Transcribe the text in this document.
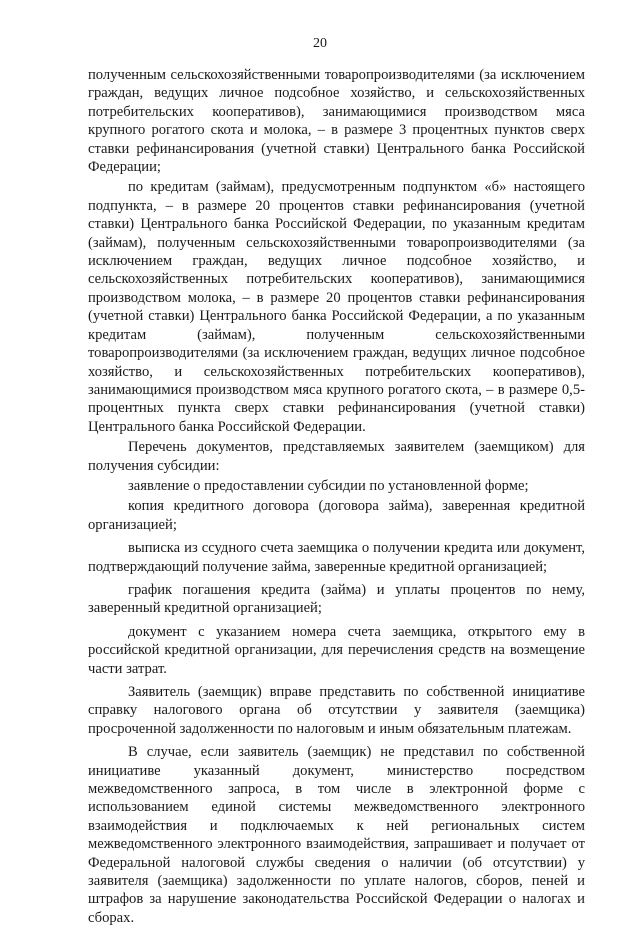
20

полученным сельскохозяйственными товаропроизводителями (за исключением граждан, ведущих личное подсобное хозяйство, и сельскохозяйственных потребительских кооперативов), занимающимися производством мяса крупного рогатого скота и молока, – в размере 3 процентных пунктов сверх ставки рефинансирования (учетной ставки) Центрального банка Российской Федерации;

по кредитам (займам), предусмотренным подпунктом «б» настоящего подпункта, – в размере 20 процентов ставки рефинансирования (учетной ставки) Центрального банка Российской Федерации, по указанным кредитам (займам), полученным сельскохозяйственными товаропроизводителями (за исключением граждан, ведущих личное подсобное хозяйство, и сельскохозяйственных потребительских кооперативов), занимающимися производством молока, – в размере 20 процентов ставки рефинансирования (учетной ставки) Центрального банка Российской Федерации, а по указанным кредитам (займам), полученным сельскохозяйственными товаропроизводителями (за исключением граждан, ведущих личное подсобное хозяйство, и сельскохозяйственных потребительских кооперативов), занимающимися производством мяса крупного рогатого скота, – в размере 0,5-процентных пункта сверх ставки рефинансирования (учетной ставки) Центрального банка Российской Федерации.

Перечень документов, представляемых заявителем (заемщиком) для получения субсидии:

заявление о предоставлении субсидии по установленной форме;

копия кредитного договора (договора займа), заверенная кредитной организацией;

выписка из ссудного счета заемщика о получении кредита или документ, подтверждающий получение займа, заверенные кредитной организацией;

график погашения кредита (займа) и уплаты процентов по нему, заверенный кредитной организацией;

документ с указанием номера счета заемщика, открытого ему в российской кредитной организации, для перечисления средств на возмещение части затрат.

Заявитель (заемщик) вправе представить по собственной инициативе справку налогового органа об отсутствии у заявителя (заемщика) просроченной задолженности по налоговым и иным обязательным платежам.

В случае, если заявитель (заемщик) не представил по собственной инициативе указанный документ, министерство посредством межведомственного запроса, в том числе в электронной форме с использованием единой системы межведомственного электронного взаимодействия и подключаемых к ней региональных систем межведомственного электронного взаимодействия, запрашивает и получает от Федеральной налоговой службы сведения о наличии (об отсутствии) у заявителя (заемщика) задолженности по уплате налогов, сборов, пеней и штрафов за нарушение законодательства Российской Федерации о налогах и сборах.
